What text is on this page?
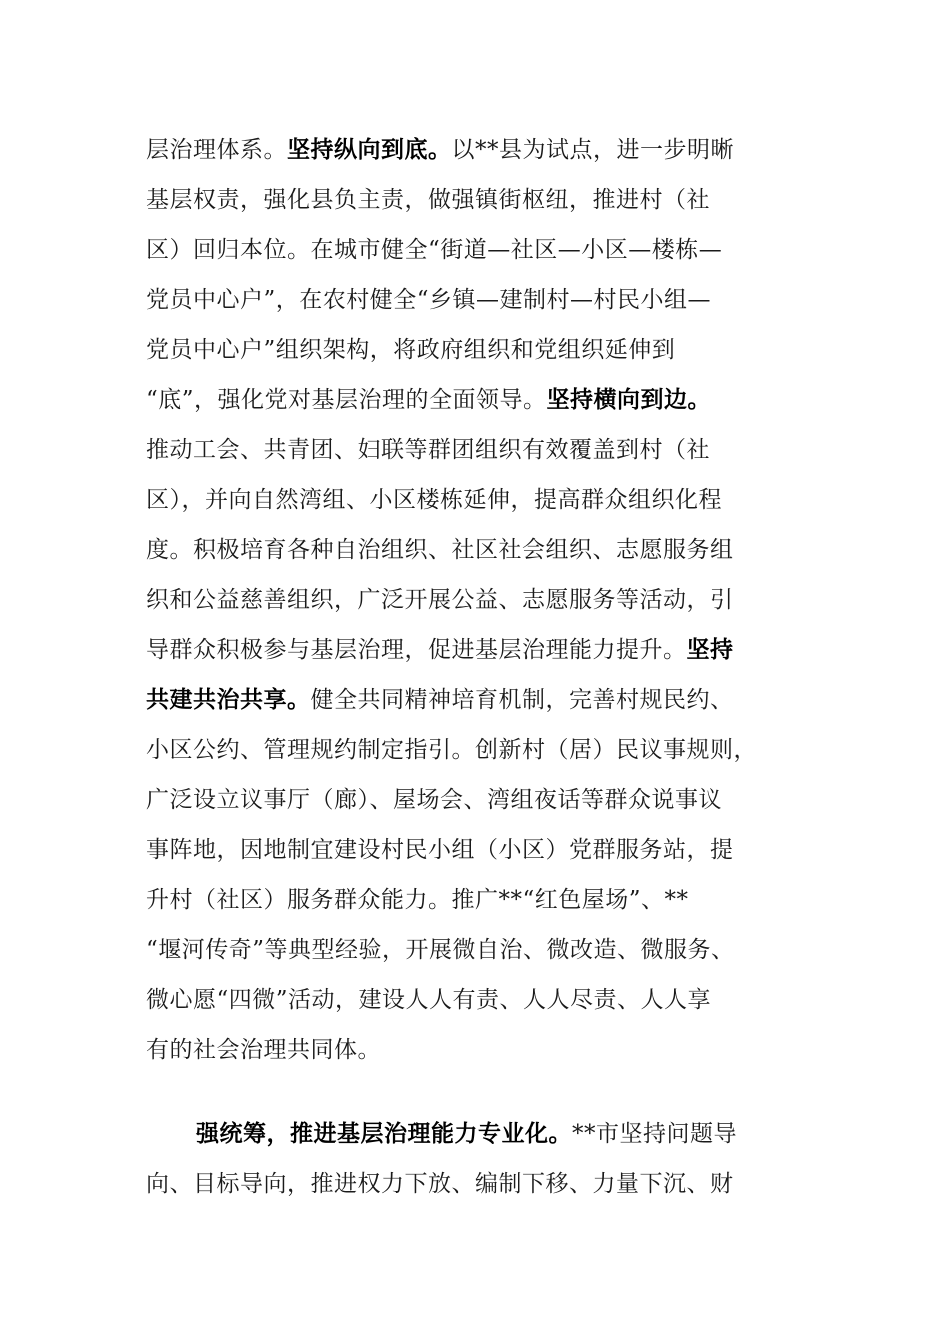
层治理体系。坚持纵向到底。以**县为试点，进一步明晰
基层权责，强化县负主责，做强镇街枢纽，推进村（社
区）回归本位。在城市健全“街道—社区—小区—楼栋—
党员中心户”，在农村健全“乡镇—建制村—村民小组—
党员中心户”组织架构，将政府组织和党组织延伸到
“底”，强化党对基层治理的全面领导。坚持横向到边。
推动工会、共青团、妇联等群团组织有效覆盖到村（社
区），并向自然湾组、小区楼栋延伸，提高群众组织化程
度。积极培育各种自治组织、社区社会组织、志愿服务组
织和公益慈善组织，广泛开展公益、志愿服务等活动，引
导群众积极参与基层治理，促进基层治理能力提升。坚持
共建共治共享。健全共同精神培育机制，完善村规民约、
小区公约、管理规约制定指引。创新村（居）民议事规则，
广泛设立议事厅（廊）、屋场会、湾组夜话等群众说事议
事阵地，因地制宜建设村民小组（小区）党群服务站，提
升村（社区）服务群众能力。推广**“红色屋场”、**
“堰河传奇”等典型经验，开展微自治、微改造、微服务、
微心愿“四微”活动，建设人人有责、人人尽责、人人享
有的社会治理共同体。
强统筹，推进基层治理能力专业化。**市坚持问题导
向、目标导向，推进权力下放、编制下移、力量下沉、财
